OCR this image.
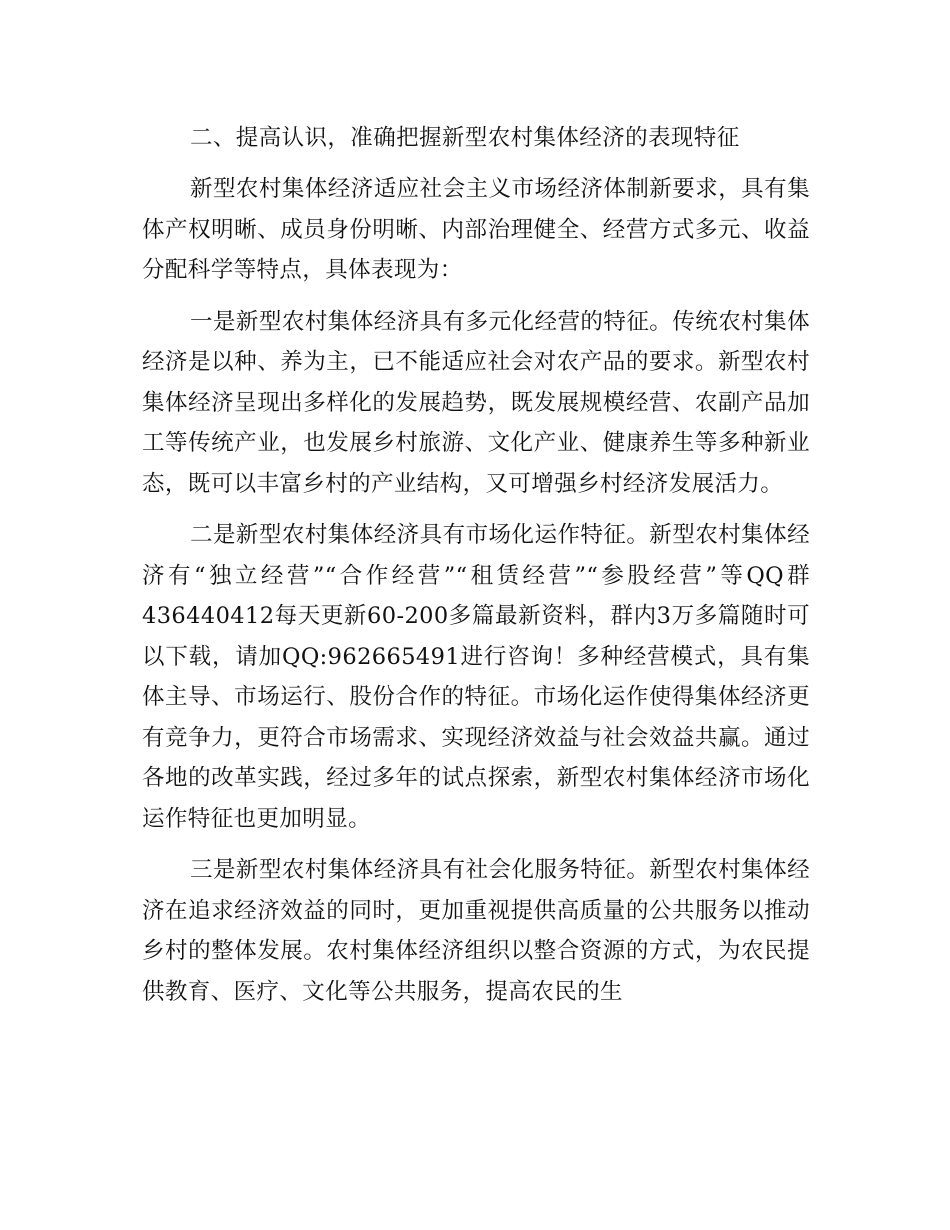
二、提高认识，准确把握新型农村集体经济的表现特征

新型农村集体经济适应社会主义市场经济体制新要求，具有集体产权明晰、成员身份明晰、内部治理健全、经营方式多元、收益分配科学等特点，具体表现为：

一是新型农村集体经济具有多元化经营的特征。传统农村集体经济是以种、养为主，已不能适应社会对农产品的要求。新型农村集体经济呈现出多样化的发展趋势，既发展规模经营、农副产品加工等传统产业，也发展乡村旅游、文化产业、健康养生等多种新业态，既可以丰富乡村的产业结构，又可增强乡村经济发展活力。

二是新型农村集体经济具有市场化运作特征。新型农村集体经济有“独立经营”“合作经营”“租赁经营”“参股经营”等QQ群436440412每天更新60-200多篇最新资料，群内3万多篇随时可以下载，请加QQ:962665491进行咨询！多种经营模式，具有集体主导、市场运行、股份合作的特征。市场化运作使得集体经济更有竞争力，更符合市场需求、实现经济效益与社会效益共赢。通过各地的改革实践，经过多年的试点探索，新型农村集体经济市场化运作特征也更加明显。

三是新型农村集体经济具有社会化服务特征。新型农村集体经济在追求经济效益的同时，更加重视提供高质量的公共服务以推动乡村的整体发展。农村集体经济组织以整合资源的方式，为农民提供教育、医疗、文化等公共服务，提高农民的生
